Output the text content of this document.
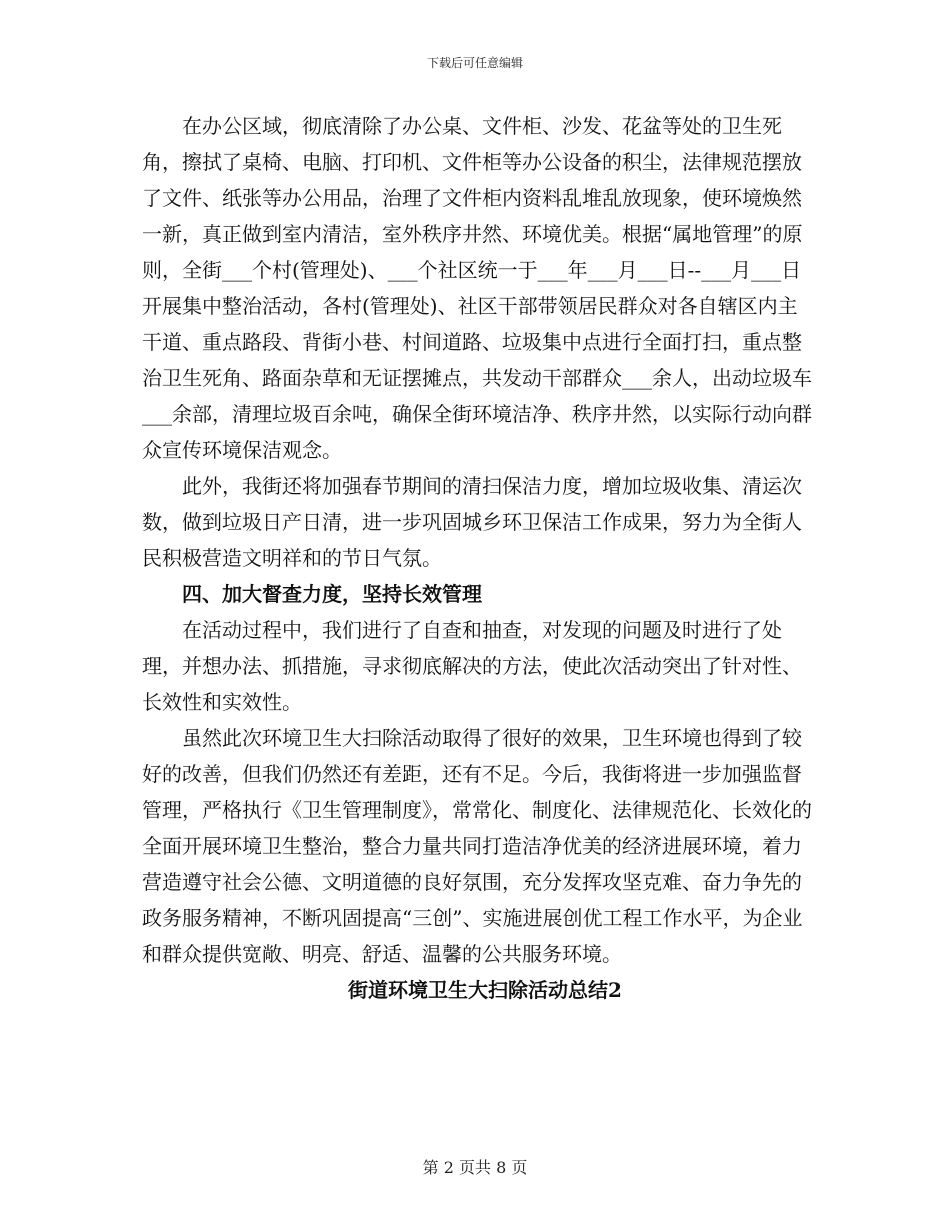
下载后可任意编辑

在办公区域，彻底清除了办公桌、文件柜、沙发、花盆等处的卫生死角，擦拭了桌椅、电脑、打印机、文件柜等办公设备的积尘，法律规范摆放了文件、纸张等办公用品，治理了文件柜内资料乱堆乱放现象，使环境焕然一新，真正做到室内清洁，室外秩序井然、环境优美。根据“属地管理”的原则，全街___个村(管理处)、___个社区统一于___年___月___日--___月___日开展集中整治活动，各村(管理处)、社区干部带领居民群众对各自辖区内主干道、重点路段、背街小巷、村间道路、垃圾集中点进行全面打扫，重点整治卫生死角、路面杂草和无证摆摊点，共发动干部群众___余人，出动垃圾车___余部，清理垃圾百余吨，确保全街环境洁净、秩序井然，以实际行动向群众宣传环境保洁观念。

此外，我街还将加强春节期间的清扫保洁力度，增加垃圾收集、清运次数，做到垃圾日产日清，进一步巩固城乡环卫保洁工作成果，努力为全街人民积极营造文明祥和的节日气氛。

四、加大督查力度，坚持长效管理

在活动过程中，我们进行了自查和抽查，对发现的问题及时进行了处理，并想办法、抓措施，寻求彻底解决的方法，使此次活动突出了针对性、长效性和实效性。

虽然此次环境卫生大扫除活动取得了很好的效果，卫生环境也得到了较好的改善，但我们仍然还有差距，还有不足。今后，我街将进一步加强监督管理，严格执行《卫生管理制度》，常常化、制度化、法律规范化、长效化的全面开展环境卫生整治，整合力量共同打造洁净优美的经济进展环境，着力营造遵守社会公德、文明道德的良好氛围，充分发挥攻坚克难、奋力争先的政务服务精神，不断巩固提高“三创”、实施进展创优工程工作水平，为企业和群众提供宽敞、明亮、舒适、温馨的公共服务环境。

街道环境卫生大扫除活动总结2

第 2 页共 8 页
